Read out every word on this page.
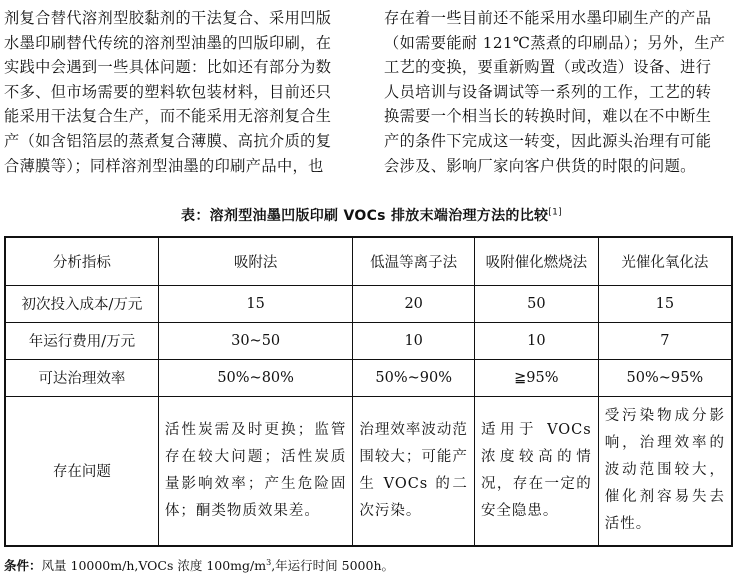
剂复合替代溶剂型胶黏剂的干法复合、采用凹版
水墨印刷替代传统的溶剂型油墨的凹版印刷，在
实践中会遇到一些具体问题：比如还有部分为数
不多、但市场需要的塑料软包装材料，目前还只
能采用干法复合生产，而不能采用无溶剂复合生
产（如含铝箔层的蒸煮复合薄膜、高抗介质的复
合薄膜等）；同样溶剂型油墨的印刷产品中，也
存在着一些目前还不能采用水墨印刷生产的产品
（如需要能耐 121℃蒸煮的印刷品）；另外，生产
工艺的变换，要重新购置（或改造）设备、进行
人员培训与设备调试等一系列的工作，工艺的转
换需要一个相当长的转换时间，难以在不中断生
产的条件下完成这一转变，因此源头治理有可能
会涉及、影响厂家向客户供货的时限的问题。
表：溶剂型油墨凹版印刷 VOCs 排放末端治理方法的比较[1]
分析指标	吸附法	低温等离子法	吸附催化燃烧法	光催化氧化法
初次投入成本/万元	15	20	50	15
年运行费用/万元	30~50	10	10	7
可达治理效率	50%~80%	50%~90%	≧95%	50%~95%
存在问题	活性炭需及时更换；监管存在较大问题；活性炭质量影响效率；产生危险固体；酮类物质效果差。	治理效率波动范围较大；可能产生 VOCs 的二次污染。	适用于 VOCs 浓度较高的情况，存在一定的安全隐患。	受污染物成分影响，治理效率的波动范围较大，催化剂容易失去活性。
条件：风量 10000m/h,VOCs 浓度 $100mg/m^3$,年运行时间 5000h。
